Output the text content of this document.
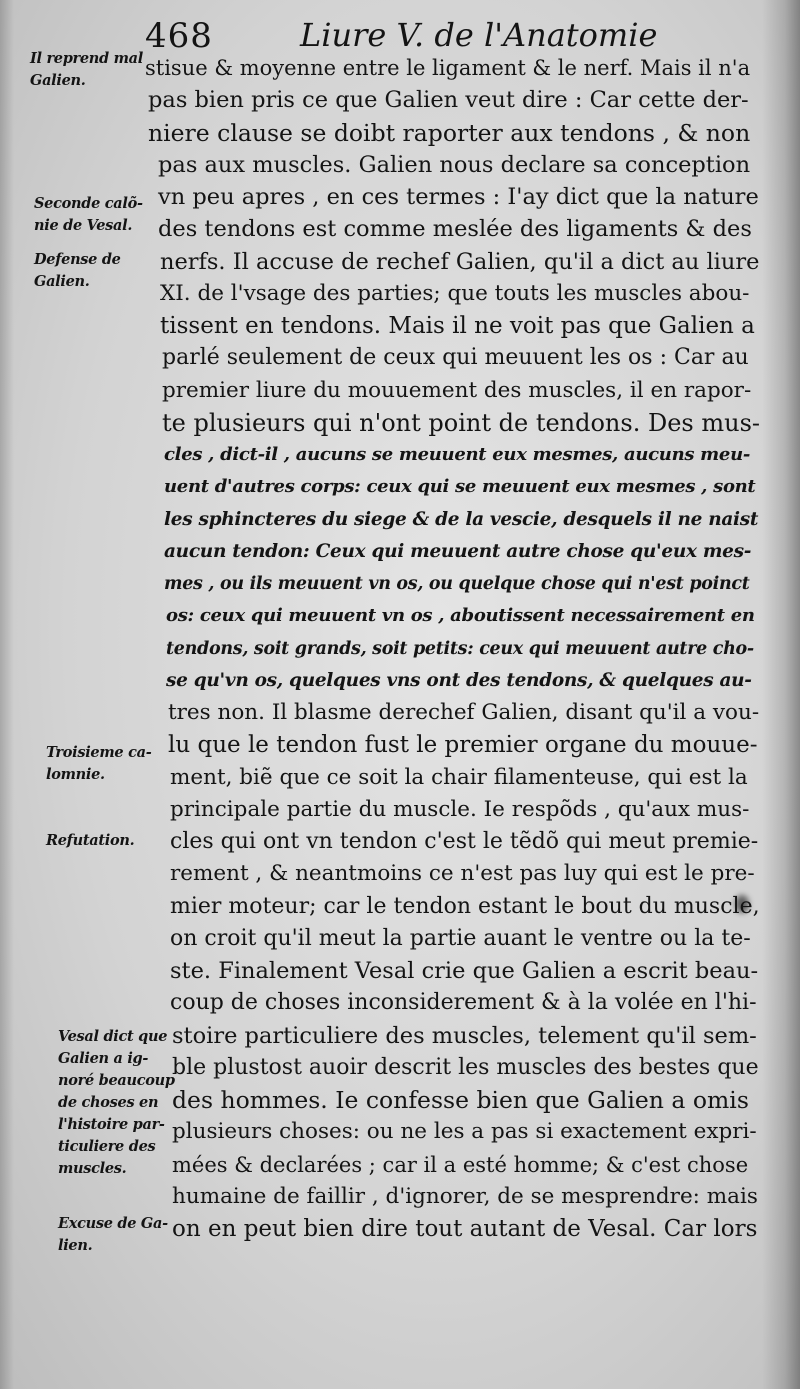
468	Liure V. de l'Anatomie
Il reprend mal
Galien.
Seconde calõ-
nie de Vesal.
Defense de
Galien.
Troisieme ca-
lomnie.
Refutation.
Vesal dict que
Galien a ig-
noré beaucoup
de choses en
l'histoire par-
ticuliere des
muscles.
Excuse de Ga-
lien.
stisue & moyenne entre le ligament & le nerf. Mais il n'a
pas bien pris ce que Galien veut dire : Car cette der-
niere clause se doibt raporter aux tendons , & non
pas aux muscles. Galien nous declare sa conception
vn peu apres , en ces termes : I'ay dict que la nature
des tendons est comme meslée des ligaments & des
nerfs. Il accuse de rechef Galien, qu'il a dict au liure
XI. de l'vsage des parties; que touts les muscles abou-
tissent en tendons. Mais il ne voit pas que Galien a
parlé seulement de ceux qui meuuent les os : Car au
premier liure du mouuement des muscles, il en rapor-
te plusieurs qui n'ont point de tendons. Des mus-
cles , dict-il , aucuns se meuuent eux mesmes, aucuns meu-
uent d'autres corps: ceux qui se meuuent eux mesmes , sont
les sphincteres du siege & de la vescie, desquels il ne naist
aucun tendon: Ceux qui meuuent autre chose qu'eux mes-
mes , ou ils meuuent vn os, ou quelque chose qui n'est poinct
os: ceux qui meuuent vn os , aboutissent necessairement en
tendons, soit grands, soit petits: ceux qui meuuent autre cho-
se qu'vn os, quelques vns ont des tendons, & quelques au-
tres non. Il blasme derechef Galien, disant qu'il a vou-
lu que le tendon fust le premier organe du mouue-
ment, biẽ que ce soit la chair filamenteuse, qui est la
principale partie du muscle. Ie respõds , qu'aux mus-
cles qui ont vn tendon c'est le tẽdõ qui meut premie-
rement , & neantmoins ce n'est pas luy qui est le pre-
mier moteur; car le tendon estant le bout du muscle,
on croit qu'il meut la partie auant le ventre ou la te-
ste. Finalement Vesal crie que Galien a escrit beau-
coup de choses inconsiderement & à la volée en l'hi-
stoire particuliere des muscles, telement qu'il sem-
ble plustost auoir descrit les muscles des bestes que
des hommes. Ie confesse bien que Galien a omis
plusieurs choses: ou ne les a pas si exactement expri-
mées & declarées ; car il a esté homme; & c'est chose
humaine de faillir , d'ignorer, de se mesprendre: mais
on en peut bien dire tout autant de Vesal. Car lors
